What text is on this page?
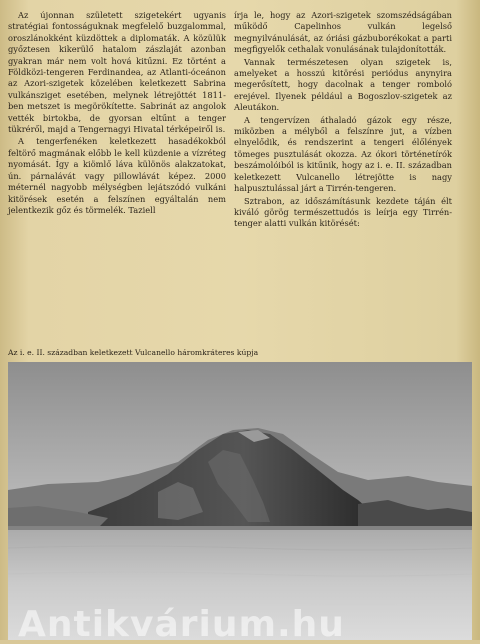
Az újonnan született szigetekért ugyanis stratégiai fontosságuknak megfelelő buzgalommal, oroszlánokként küzdöttek a diplomaták. A közülük győztesen kikerülő hatalom zászlaját azonban gyakran már nem volt hová kitűzni. Ez történt a Földközi-tengeren Ferdinandea, az Atlanti-óceánon az Azori-szigetek közelében keletkezett Sabrina vulkánsziget esetében, melynek létrejöttét 1811-ben metszet is megörökítette. Sabrinát az angolok vették birtokba, de gyorsan eltűnt a tenger tükréről, majd a Tengernagyi Hivatal térképeiről is.

A tengerfenéken keletkezett hasadékokból feltörő magmának előbb le kell küzdenie a vízréteg nyomását. Így a kiömlő láva különös alakzatokat, ún. párnalávát vagy pillowlávát képez. 2000 méternél nagyobb mélységben lejátszódó vulkáni kitörések esetén a felszínen egyáltalán nem jelentkezik gőz és törmelék. Taziell

írja le, hogy az Azori-szigetek szomszédságában működő Capelinhos vulkán legelső megnyilvánulását, az óriási gázbuborékokat a parti megfigyelők cethalak vonulásának tulajdonították.

Vannak természetesen olyan szigetek is, amelyeket a hosszú kitörési periódus anynyira megerősített, hogy dacolnak a tenger romboló erejével. Ilyenek például a Bogoszlov-szigetek az Aleutákon.

A tengervízen áthaladó gázok egy része, miközben a mélyből a felszínre jut, a vízben elnyelődik, és rendszerint a tengeri élőlények tömeges pusztulását okozza. Az ókori történetírók beszámolóiból is kitűnik, hogy az i. e. II. században keletkezett Vulcanello létrejötte is nagy halpusztulással járt a Tirrén-tengeren.

Sztrabon, az időszámításunk kezdete táján élt kiváló görög természettudós is leírja egy Tirrén-tenger alatti vulkán kitörését:

Az i. e. II. században keletkezett Vulcanello háromkráteres kúpja
Antikvárium.hu
